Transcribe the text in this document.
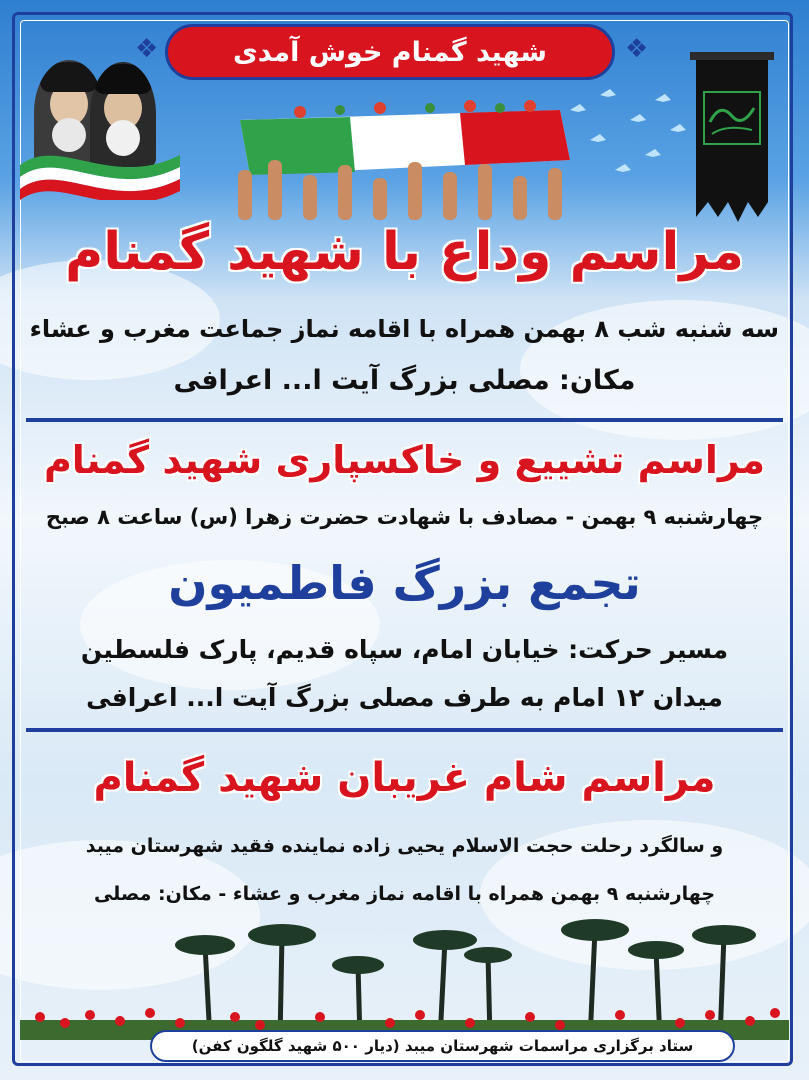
❖	❖
شهید گمنام خوش آمدی
مراسم وداع با شهید گمنام
سه شنبه شب ۸ بهمن همراه با اقامه نماز جماعت مغرب و عشاء
مکان: مصلی بزرگ آیت ا... اعرافی
مراسم تشییع و خاکسپاری شهید گمنام
چهارشنبه ۹ بهمن - مصادف با شهادت حضرت زهرا (س) ساعت ۸ صبح
تجمع بزرگ فاطمیون
مسیر حرکت: خیابان امام، سپاه قدیم، پارک فلسطین
میدان ۱۲ امام به طرف مصلی بزرگ آیت ا... اعرافی
مراسم شام غریبان شهید گمنام
و سالگرد رحلت حجت الاسلام یحیی زاده نماینده فقید شهرستان میبد
چهارشنبه ۹ بهمن همراه با اقامه نماز مغرب و عشاء - مکان: مصلی
ستاد برگزاری مراسمات شهرستان میبد (دیار ۵۰۰ شهید گلگون کفن)
